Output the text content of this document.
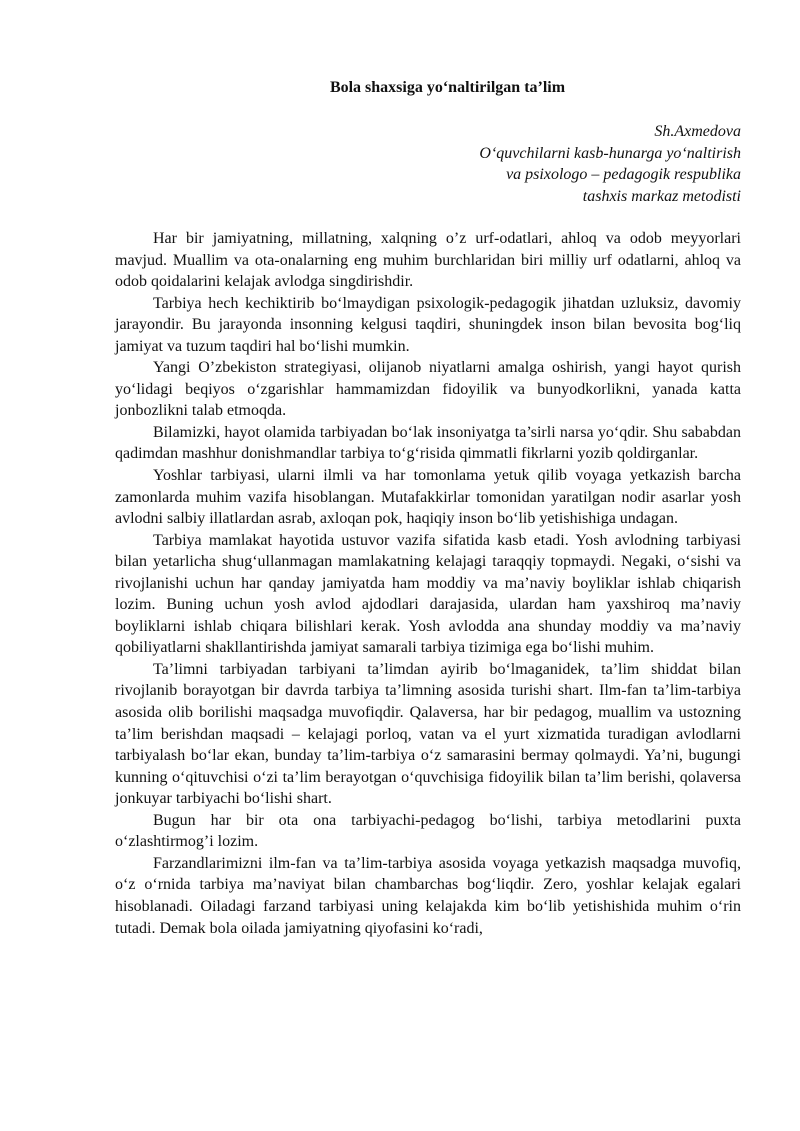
Bola shaxsiga yo‘naltirilgan ta’lim
Sh.Axmedova
O‘quvchilarni kasb-hunarga yo‘naltirish
va psixologo – pedagogik respublika
tashxis markaz metodisti

Har bir jamiyatning, millatning, xalqning o’z urf-odatlari, ahloq va odob meyyorlari mavjud. Muallim va ota-onalarning eng muhim burchlaridan biri milliy urf odatlarni, ahloq va odob qoidalarini kelajak avlodga singdirishdir.

Tarbiya hech kechiktirib bo‘lmaydigan psixologik-pedagogik jihatdan uzluksiz, davomiy jarayondir. Bu jarayonda insonning kelgusi taqdiri, shuningdek inson bilan bevosita bog‘liq jamiyat va tuzum taqdiri hal bo‘lishi mumkin.

Yangi O’zbekiston strategiyasi, olijanob niyatlarni amalga oshirish, yangi hayot qurish yo‘lidagi beqiyos o‘zgarishlar hammamizdan fidoyilik va bunyodkorlikni, yanada katta jonbozlikni talab etmoqda.

Bilamizki, hayot olamida tarbiyadan bo‘lak insoniyatga ta’sirli narsa yo‘qdir. Shu sababdan qadimdan mashhur donishmandlar tarbiya to‘g‘risida qimmatli fikrlarni yozib qoldirganlar.

Yoshlar tarbiyasi, ularni ilmli va har tomonlama yetuk qilib voyaga yetkazish barcha zamonlarda muhim vazifa hisoblangan. Mutafakkirlar tomonidan yaratilgan nodir asarlar yosh avlodni salbiy illatlardan asrab, axloqan pok, haqiqiy inson bo‘lib yetishishiga undagan.

Tarbiya mamlakat hayotida ustuvor vazifa sifatida kasb etadi. Yosh avlodning tarbiyasi bilan yetarlicha shug‘ullanmagan mamlakatning kelajagi taraqqiy topmaydi. Negaki, o‘sishi va rivojlanishi uchun har qanday jamiyatda ham moddiy va ma’naviy boyliklar ishlab chiqarish lozim. Buning uchun yosh avlod ajdodlari darajasida, ulardan ham yaxshiroq ma’naviy boyliklarni ishlab chiqara bilishlari kerak. Yosh avlodda ana shunday moddiy va ma’naviy qobiliyatlarni shakllantirishda jamiyat samarali tarbiya tizimiga ega bo‘lishi muhim.

Ta’limni tarbiyadan tarbiyani ta’limdan ayirib bo‘lmaganidek, ta’lim shiddat bilan rivojlanib borayotgan bir davrda tarbiya ta’limning asosida turishi shart. Ilm-fan ta’lim-tarbiya asosida olib borilishi maqsadga muvofiqdir. Qalaversa, har bir pedagog, muallim va ustozning ta’lim berishdan maqsadi – kelajagi porloq, vatan va el yurt xizmatida turadigan avlodlarni tarbiyalash bo‘lar ekan, bunday ta’lim-tarbiya o‘z samarasini bermay qolmaydi. Ya’ni, bugungi kunning o‘qituvchisi o‘zi ta’lim berayotgan o‘quvchisiga fidoyilik bilan ta’lim berishi, qolaversa jonkuyar tarbiyachi bo‘lishi shart.

Bugun har bir ota ona tarbiyachi-pedagog bo‘lishi, tarbiya metodlarini puxta o‘zlashtirmog’i lozim.

Farzandlarimizni ilm-fan va ta’lim-tarbiya asosida voyaga yetkazish maqsadga muvofiq, o‘z o‘rnida tarbiya ma’naviyat bilan chambarchas bog‘liqdir. Zero, yoshlar kelajak egalari hisoblanadi. Oiladagi farzand tarbiyasi uning kelajakda kim bo‘lib yetishishida muhim o‘rin tutadi. Demak bola oilada jamiyatning qiyofasini ko‘radi,
